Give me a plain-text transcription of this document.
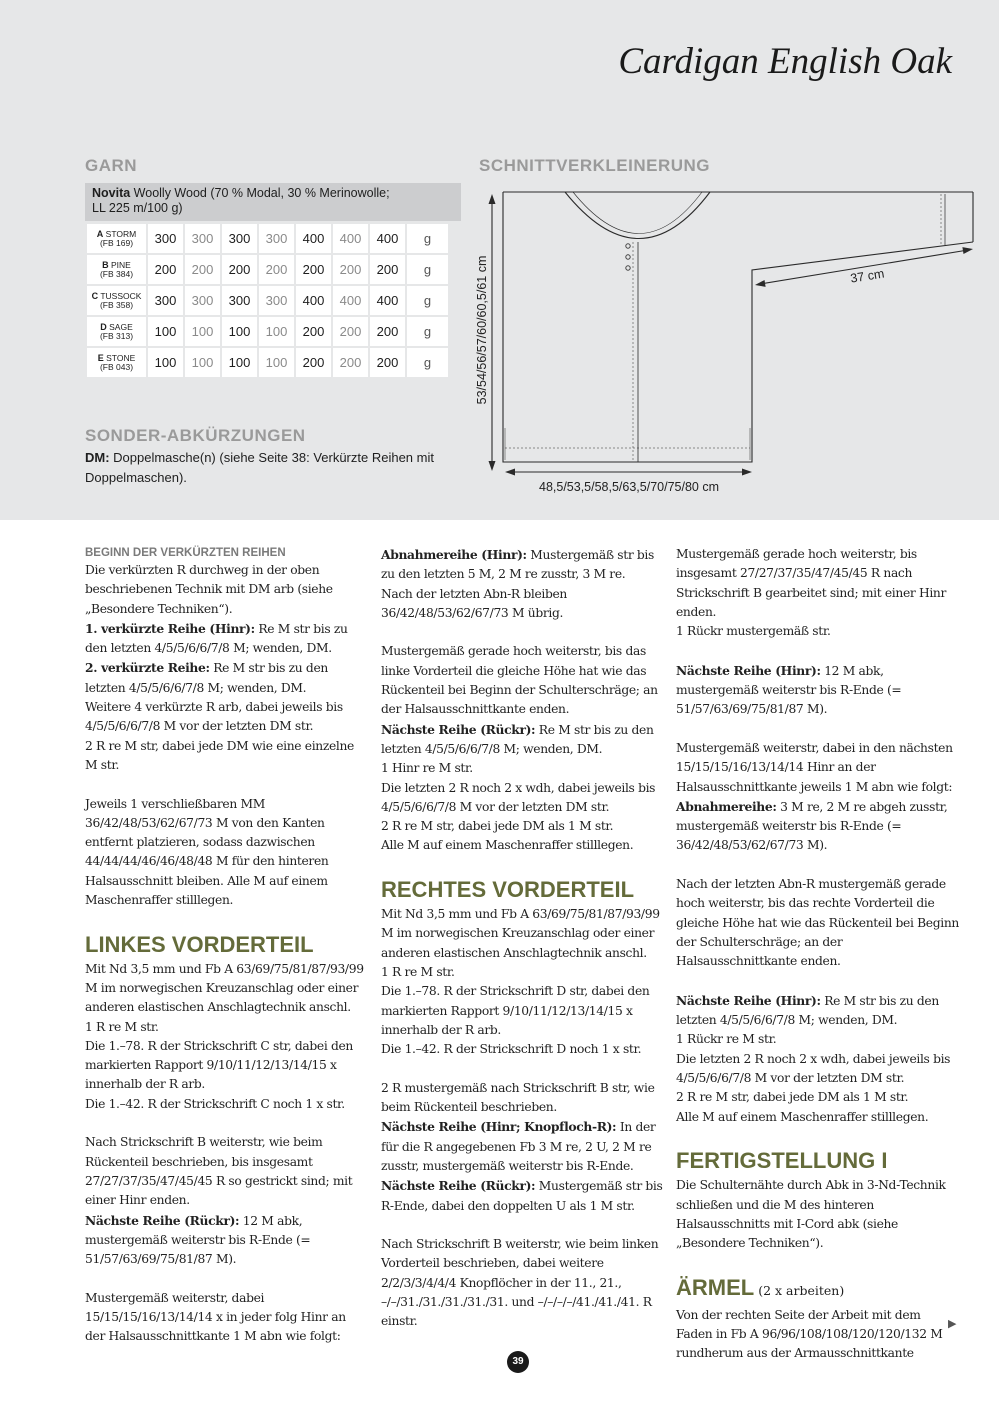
Cardigan English Oak
GARN
Novita Woolly Wood (70 % Modal, 30 % Merinowolle;
LL 225 m/100 g)
A STORM
(FB 169)	300	300	300	300	400	400	400	g
B PINE
(FB 384)	200	200	200	200	200	200	200	g
C TUSSOCK
(FB 358)	300	300	300	300	400	400	400	g
D SAGE
(FB 313)	100	100	100	100	200	200	200	g
E STONE
(FB 043)	100	100	100	100	200	200	200	g
SONDER-ABKÜRZUNGEN
DM: Doppelmasche(n) (siehe Seite 38: Verkürzte Reihen mit Doppelmaschen).
SCHNITTVERKLEINERUNG
53/54/56/57/60/60,5/61 cm	37 cm
48,5/53,5/58,5/63,5/70/75/80 cm
BEGINN DER VERKÜRZTEN REIHEN

Die verkürzten R durchweg in der oben beschriebenen Technik mit DM arb (siehe „Besondere Techniken“).
1. verkürzte Reihe (Hinr): Re M str bis zu den letzten 4/5/5/6/6/7/8 M; wenden, DM.
2. verkürzte Reihe: Re M str bis zu den letzten 4/5/5/6/6/7/8 M; wenden, DM.
Weitere 4 verkürzte R arb, dabei jeweils bis 4/5/5/6/6/7/8 M vor der letzten DM str.
2 R re M str, dabei jede DM wie eine einzelne M str.

Jeweils 1 verschließbaren MM 36/42/48/53/62/67/73 M von den Kanten entfernt platzieren, sodass dazwischen 44/44/44/46/46/48/48 M für den hinteren Halsausschnitt bleiben. Alle M auf einem Maschenraffer stilllegen.

LINKES VORDERTEIL

Mit Nd 3,5 mm und Fb A 63/69/75/81/87/93/99 M im norwegischen Kreuzanschlag oder einer anderen elastischen Anschlagtechnik anschl.
1 R re M str.
Die 1.–78. R der Strickschrift C str, dabei den markierten Rapport 9/10/11/12/13/14/15 x innerhalb der R arb.
Die 1.–42. R der Strickschrift C noch 1 x str.

Nach Strickschrift B weiterstr, wie beim Rückenteil beschrieben, bis insgesamt 27/27/37/35/47/45/45 R so gestrickt sind; mit einer Hinr enden.
Nächste Reihe (Rückr): 12 M abk, mustergemäß weiterstr bis R-Ende (= 51/57/63/69/75/81/87 M).

Mustergemäß weiterstr, dabei 15/15/15/16/13/14/14 x in jeder folg Hinr an der Halsausschnittkante 1 M abn wie folgt:

Abnahmereihe (Hinr): Mustergemäß str bis zu den letzten 5 M, 2 M re zusstr, 3 M re.
Nach der letzten Abn-R bleiben 36/42/48/53/62/67/73 M übrig.

Mustergemäß gerade hoch weiterstr, bis das linke Vorderteil die gleiche Höhe hat wie das Rückenteil bei Beginn der Schulterschräge; an der Halsausschnittkante enden.
Nächste Reihe (Rückr): Re M str bis zu den letzten 4/5/5/6/6/7/8 M; wenden, DM.
1 Hinr re M str.
Die letzten 2 R noch 2 x wdh, dabei jeweils bis 4/5/5/6/6/7/8 M vor der letzten DM str.
2 R re M str, dabei jede DM als 1 M str.
Alle M auf einem Maschenraffer stilllegen.

RECHTES VORDERTEIL

Mit Nd 3,5 mm und Fb A 63/69/75/81/87/93/99 M im norwegischen Kreuzanschlag oder einer anderen elastischen Anschlagtechnik anschl.
1 R re M str.
Die 1.–78. R der Strickschrift D str, dabei den markierten Rapport 9/10/11/12/13/14/15 x innerhalb der R arb.
Die 1.–42. R der Strickschrift D noch 1 x str.

2 R mustergemäß nach Strickschrift B str, wie beim Rückenteil beschrieben.
Nächste Reihe (Hinr; Knopfloch-R): In der für die R angegebenen Fb 3 M re, 2 U, 2 M re zusstr, mustergemäß weiterstr bis R-Ende.
Nächste Reihe (Rückr): Mustergemäß str bis R-Ende, dabei den doppelten U als 1 M str.

Nach Strickschrift B weiterstr, wie beim linken Vorderteil beschrieben, dabei weitere 2/2/3/3/4/4/4 Knopflöcher in der 11., 21., –/–/31./31./31./31./31. und –/–/–/–/41./41./41. R einstr.

Mustergemäß gerade hoch weiterstr, bis insgesamt 27/27/37/35/47/45/45 R nach Strickschrift B gearbeitet sind; mit einer Hinr enden.
1 Rückr mustergemäß str.

Nächste Reihe (Hinr): 12 M abk, mustergemäß weiterstr bis R-Ende (= 51/57/63/69/75/81/87 M).

Mustergemäß weiterstr, dabei in den nächsten 15/15/15/16/13/14/14 Hinr an der Halsausschnittkante jeweils 1 M abn wie folgt:
Abnahmereihe: 3 M re, 2 M re abgeh zusstr, mustergemäß weiterstr bis R-Ende (= 36/42/48/53/62/67/73 M).

Nach der letzten Abn-R mustergemäß gerade hoch weiterstr, bis das rechte Vorderteil die gleiche Höhe hat wie das Rückenteil bei Beginn der Schulterschräge; an der Halsausschnittkante enden.

Nächste Reihe (Hinr): Re M str bis zu den letzten 4/5/5/6/6/7/8 M; wenden, DM.
1 Rückr re M str.
Die letzten 2 R noch 2 x wdh, dabei jeweils bis 4/5/5/6/6/7/8 M vor der letzten DM str.
2 R re M str, dabei jede DM als 1 M str.
Alle M auf einem Maschenraffer stilllegen.

FERTIGSTELLUNG I

Die Schulternähte durch Abk in 3-Nd-Technik schließen und die M des hinteren Halsausschnitts mit I-Cord abk (siehe „Besondere Techniken“).

ÄRMEL (2 x arbeiten)

Von der rechten Seite der Arbeit mit dem Faden in Fb A 96/96/108/108/120/120/132 M rundherum aus der Armausschnittkante

▶
39
